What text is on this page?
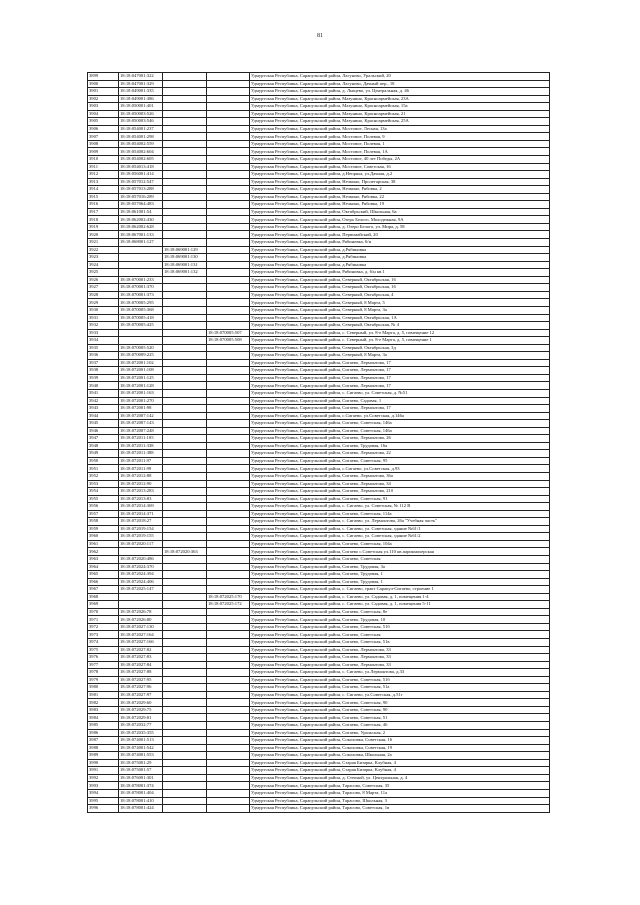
81
3899	18:18:047001:322			Удмуртская Республика, Сарапульский район, Лагуново, Уральский, 20
3900	18:18:047001:329			Удмуртская Республика, Сарапульский район, Лагуново, Дачный пер., 18
3901	18:18:049001:335			Удмуртская Республика, Сарапульский район, д. Лыщево, ул. Центральная, д. 46
3902	18:18:049001:386			Удмуртская Республика, Сарапульский район, Мазунино, Красноармейская, 23А
3903	18:18:050001:401			Удмуртская Республика, Сарапульский район, Мазунино, Красноармейская, 15а
3904	18:18:050003:526			Удмуртская Республика, Сарапульский район, Мазунино, Красноармейская, 21
3905	18:18:050003:546			Удмуртская Республика, Сарапульский район, Мазунино, Красноармейская, 25А
3906	18:18:054001:237			Удмуртская Республика, Сарапульский район, Мостовое, Лесная, 13а
3907	18:18:054001:298			Удмуртская Республика, Сарапульский район, Мостовое, Полевая, 9
3908	18:18:054002:559			Удмуртская Республика, Сарапульский район, Мостовое, Полевая, 1
3909	18:18:054002:604			Удмуртская Республика, Сарапульский район, Мостовое, Полевая, 1А
3910	18:18:054002:605			Удмуртская Республика, Сарапульский район, Мостовое, 40 лет Победы, 2А
3911	18:18:054013:418			Удмуртская Республика, Сарапульский район, Мостовое, Советская, 16
3912	18:18:056001:414			Удмуртская Республика, Сарапульский район, д.Непряха, ул.Дачная, д.2
3913	18:18:057012:547			Удмуртская Республика, Сарапульский район, Нечкино, Пролетарская, 38
3914	18:18:057013:288			Удмуртская Республика, Сарапульский район, Нечкино, Рябовка, 2
3915	18:18:057016:289			Удмуртская Республика, Сарапульский район, Нечкино, Рябовка, 22
3916	18:18:057064:483			Удмуртская Республика, Сарапульский район, Нечкино, Рябовка, 19
3917	18:18:061001:54			Удмуртская Республика, Сарапульский район, Октябрьский, Школьная, 6а
3918	18:18:062002:430			Удмуртская Республика, Сарапульский район, Озеро Белого, Молодежная, 9А
3919	18:18:062002:628			Удмуртская Республика, Сарапульский район, д. Озеро Белого, ул. Мира, д. 58
3920	18:18:067001:133			Удмуртская Республика, Сарапульский район, Первомайский, 20
3921	18:18:068001:127			Удмуртская Республика, Сарапульский район, Рябиновка, 6/н
3922		18:18:069001:129		Удмуртская Республика, Сарапульский район, д.Рябиновка
3923		18:18:069001:130		Удмуртская Республика, Сарапульский район, д.Рябиновка
3924		18:18:069001:131		Удмуртская Республика, Сарапульский район, д.Рябиновка
3925		18:18:069001:132		Удмуртская Республика, Сарапульский район, Рябиновка, д. 6/н кв.1
3926	18:18:070001:233			Удмуртская Республика, Сарапульский район, Северный, Октябрьская, 16
3927	18:18:070001:370			Удмуртская Республика, Сарапульский район, Северный, Октябрьская, 16
3928	18:18:070001:373			Удмуртская Республика, Сарапульский район, Северный, Октябрьская, 4
3929	18:18:070005:295			Удмуртская Республика, Сарапульский район, Северный, 8 Марта, 5
3930	18:18:070005:368			Удмуртская Республика, Сарапульский район, Северный, 8 Марта, 3а
3931	18:18:070005:418			Удмуртская Республика, Сарапульский район, Северный, Октябрьская, 1А
3932	18:18:070005:425			Удмуртская Республика, Сарапульский район, Северный, Октябрьская, № 4
3933			18:18:070005:507	Удмуртская Республика, Сарапульский район, с. Северный, ул. 8-е Марта, д. 5, помещение 12
3934			18:18:070005:508	Удмуртская Республика, Сарапульский район, с. Северный, ул. 8-е Марта, д. 5, помещение 1
3935	18:18:070005:520			Удмуртская Республика, Сарапульский район, Северный, Октябрьская, 3д
3936	18:18:070009:225			Удмуртская Республика, Сарапульский район, Северный, 8 Марта, 3а
3937	18:18:072001:102			Удмуртская Республика, Сарапульский район, Сигаево, Лермонтова, 17
3938	18:18:072001:108			Удмуртская Республика, Сарапульский район, Сигаево, Лермонтова, 17
3939	18:18:072001:125			Удмуртская Республика, Сарапульский район, Сигаево, Лермонтова, 17
3940	18:18:072001:128			Удмуртская Республика, Сарапульский район, Сигаево, Лермонтова, 17
3941	18:18:072001:163			Удмуртская Республика, Сарапульский район, с. Сигаево, ул. Советская, д. №51
3942	18:18:072001:270			Удмуртская Республика, Сарапульский район, Сигаево, Садовая, 1
3943	18:18:072001:98			Удмуртская Республика, Сарапульский район, Сигаево, Лермонтова, 17
3944	18:18:072007:142			Удмуртская Республика, Сарапульский район, с.Сигаево, ул.Советская, д.146а
3945	18:18:072007:143			Удмуртская Республика, Сарапульский район, Сигаево, Советская, 146а
3946	18:18:072007:248			Удмуртская Республика, Сарапульский район, Сигаево, Советская, 146а
3947	18:18:072011:105			Удмуртская Республика, Сарапульский район, Сигаево, Лермонтова, 26
3948	18:18:072011:338			Удмуртская Республика, Сарапульский район, Сигаево, Трудовая, 16а
3949	18:18:072011:388			Удмуртская Республика, Сарапульский район, Сигаево, Лермонтова, 22
3950	18:18:072011:97			Удмуртская Республика, Сарапульский район, Сигаево, Советская, 95
3951	18:18:072011:99			Удмуртская Республика, Сарапульский район, с.Сигаево, ул.Советская, д.93
3952	18:18:072012:88			Удмуртская Республика, Сарапульский район, Сигаево, Лермонтова, 36а
3953	18:18:072012:90			Удмуртская Республика, Сарапульский район, Сигаево, Лермонтова, 34
3954	18:18:072013:283			Удмуртская Республика, Сарапульский район, Сигаево, Лермонтова, 21б
3955	18:18:072013:83			Удмуртская Республика, Сарапульский район, Сигаево, Советская, 91
3956	18:18:072014:369			Удмуртская Республика, Сарапульский район, с. Сигаево, ул. Советская, № 112 В
3957	18:18:072014:371			Удмуртская Республика, Сарапульский район, Сигаево, Советская, 114а
3958	18:18:072018:27			Удмуртская Республика, Сарапульский район, с. Сигаево, ул. Лермонтова, 26а "Учебная часть"
3959	18:18:072019:154			Удмуртская Республика, Сарапульский район, с. Сигаево, ул. Советская, здание №61/1
3960	18:18:072019:155			Удмуртская Республика, Сарапульский район, с. Сигаево, ул. Советская, здание №61/2
3961	18:18:072020:117			Удмуртская Республика, Сарапульский район, Сигаево, Советская, 104а
3962		18:18:072020:363		Удмуртская Республика, Сарапульский район, Сигаево с.Советская ул.110 кв.парикмахерская
3963	18:18:072020:486			Удмуртская Республика, Сарапульский район, Сигаево, Советская
3964	18:18:072024:370			Удмуртская Республика, Сарапульский район, Сигаево, Трудовая, 3а
3965	18:18:072024:394			Удмуртская Республика, Сарапульский район, Сигаево, Трудовая, 1
3966	18:18:072024:406			Удмуртская Республика, Сарапульский район, Сигаево, Трудовая, 1
3967	18:18:072025:147			Удмуртская Республика, Сарапульский район, с. Сигаево, тракт Сарапул-Сигаево, строение 1
3968			18:18:072025:170	Удмуртская Республика, Сарапульский район, с. Сигаево, ул. Садовая, д. 1, помещения 1-4
3969			18:18:072025:172	Удмуртская Республика, Сарапульский район, с. Сигаево, ул. Садовая, д. 1, помещения 5-11
3970	18:18:072026:78			Удмуртская Республика, Сарапульский район, Сигаево, Советская, 8е
3971	18:18:072026:80			Удмуртская Республика, Сарапульский район, Сигаево, Трудовая, 10
3972	18:18:072027:130			Удмуртская Республика, Сарапульский район, Сигаево, Советская, 51б
3973	18:18:072027:164			Удмуртская Республика, Сарапульский район, Сигаево, Советская
3974	18:18:072027:166			Удмуртская Республика, Сарапульский район, Сигаево, Советская, 51в
3975	18:18:072027:82			Удмуртская Республика, Сарапульский район, Сигаево, Лермонтова, 33
3976	18:18:072027:83			Удмуртская Республика, Сарапульский район, Сигаево, Лермонтова, 33
3977	18:18:072027:84			Удмуртская Республика, Сарапульский район, Сигаево, Лермонтова, 33
3978	18:18:072027:88			Удмуртская Республика, Сарапульский район, с. Сигаево, ул.Лермонтова, д.33
3979	18:18:072027:95			Удмуртская Республика, Сарапульский район, Сигаево, Советская, 51б
3980	18:18:072027:96			Удмуртская Республика, Сарапульский район, Сигаево, Советская, 51а
3981	18:18:072027:97			Удмуртская Республика, Сарапульский район, с. Сигаево, ул.Советская, д.51г
3982	18:18:072029:60			Удмуртская Республика, Сарапульский район, Сигаево, Советская, 90
3983	18:18:072029:75			Удмуртская Республика, Сарапульский район, Сигаево, Советская, 90
3984	18:18:072029:81			Удмуртская Республика, Сарапульский район, Сигаево, Советская, 51
3985	18:18:072032:77			Удмуртская Республика, Сарапульский район, Сигаево, Советская, 46
3986	18:18:072035:355			Удмуртская Республика, Сарапульский район, Сигаево, Уральская, 2
3987	18:18:074001:513			Удмуртская Республика, Сарапульский район, Соколовка, Советская, 16
3988	18:18:074001:542			Удмуртская Республика, Сарапульский район, Соколовка, Советская, 19
3989	18:18:074001:553			Удмуртская Республика, Сарапульский район, Соколовка, Школьная, 2а
3990	18:18:075001:29			Удмуртская Республика, Сарапульский район, Старая Бизарка, Клубная, 4
3991	18:18:075001:57			Удмуртская Республика, Сарапульский район, Старая Бизарка, Клубная, 4
3992	18:18:076001:301			Удмуртская Республика, Сарапульский район, д. Степной, ул. Центральная, д. 4
3993	18:18:078001:374			Удмуртская Республика, Сарапульский район, Тарасово, Советская, 35
3994	18:18:078001:404			Удмуртская Республика, Сарапульский район, Тарасово, 8 Марта, 11а
3995	18:18:078001:410			Удмуртская Республика, Сарапульский район, Тарасово, Школьная, 3
3996	18:18:078001:424			Удмуртская Республика, Сарапульский район, Тарасово, Советская, 1в
